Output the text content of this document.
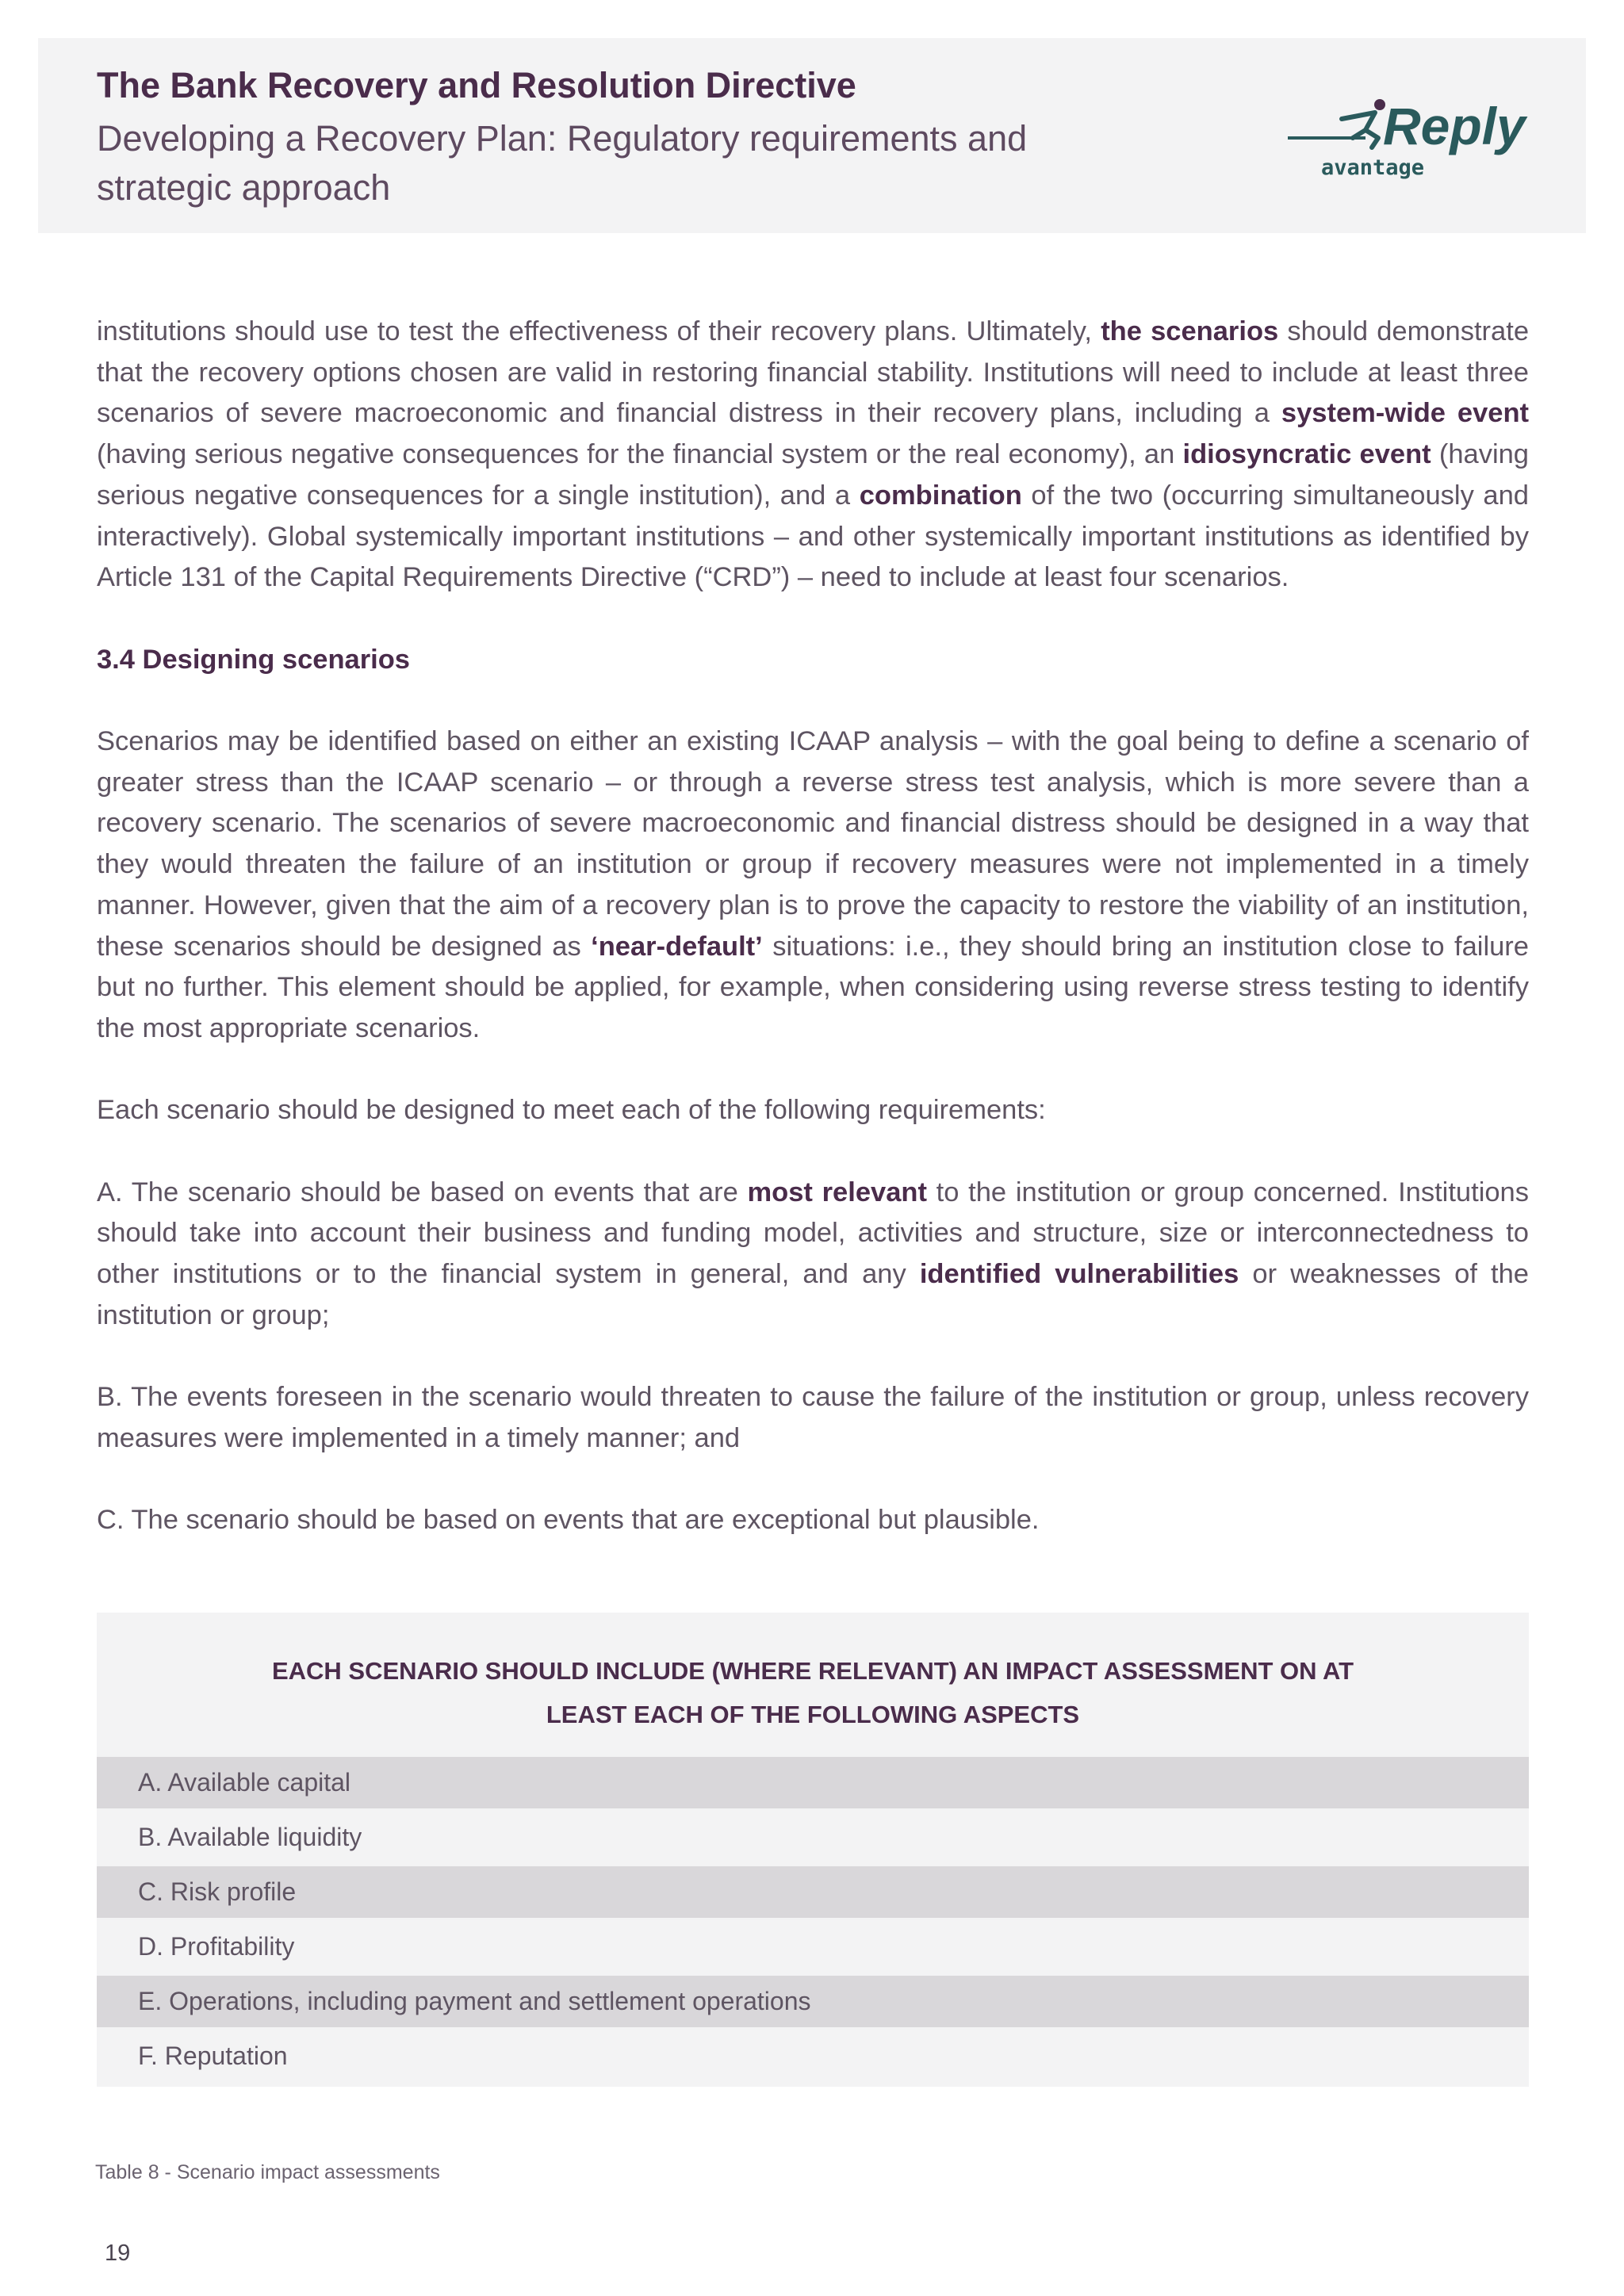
The Bank Recovery and Resolution Directive
Developing a Recovery Plan: Regulatory requirements and strategic approach
Reply
avantage

institutions should use to test the effectiveness of their recovery plans. Ultimately, the scenarios should demonstrate that the recovery options chosen are valid in restoring financial stability. Institutions will need to include at least three scenarios of severe macroeconomic and financial distress in their recovery plans, including a system-wide event (having serious negative consequences for the financial system or the real economy), an idiosyncratic event (having serious negative consequences for a single institution), and a combination of the two (occurring simultaneously and interactively). Global systemically important institutions – and other systemically important institutions as identified by Article 131 of the Capital Requirements Directive (“CRD”) – need to include at least four scenarios.

3.4 Designing scenarios

Scenarios may be identified based on either an existing ICAAP analysis – with the goal being to define a scenario of greater stress than the ICAAP scenario – or through a reverse stress test analysis, which is more severe than a recovery scenario. The scenarios of severe macroeconomic and financial distress should be designed in a way that they would threaten the failure of an institution or group if recovery measures were not implemented in a timely manner. However, given that the aim of a recovery plan is to prove the capacity to restore the viability of an institution, these scenarios should be designed as ‘near-default’ situations: i.e., they should bring an institution close to failure but no further. This element should be applied, for example, when considering using reverse stress testing to identify the most appropriate scenarios.

Each scenario should be designed to meet each of the following requirements:

A. The scenario should be based on events that are most relevant to the institution or group concerned. Institutions should take into account their business and funding model, activities and structure, size or interconnectedness to other institutions or to the financial system in general, and any identified vulnerabilities or weaknesses of the institution or group;

B. The events foreseen in the scenario would threaten to cause the failure of the institution or group, unless recovery measures were implemented in a timely manner; and

C. The scenario should be based on events that are exceptional but plausible.

EACH SCENARIO SHOULD INCLUDE (WHERE RELEVANT) AN IMPACT ASSESSMENT ON AT
LEAST EACH OF THE FOLLOWING ASPECTS
A. Available capital
B. Available liquidity
C. Risk profile
D. Profitability
E. Operations, including payment and settlement operations
F. Reputation
Table 8 - Scenario impact assessments
19
